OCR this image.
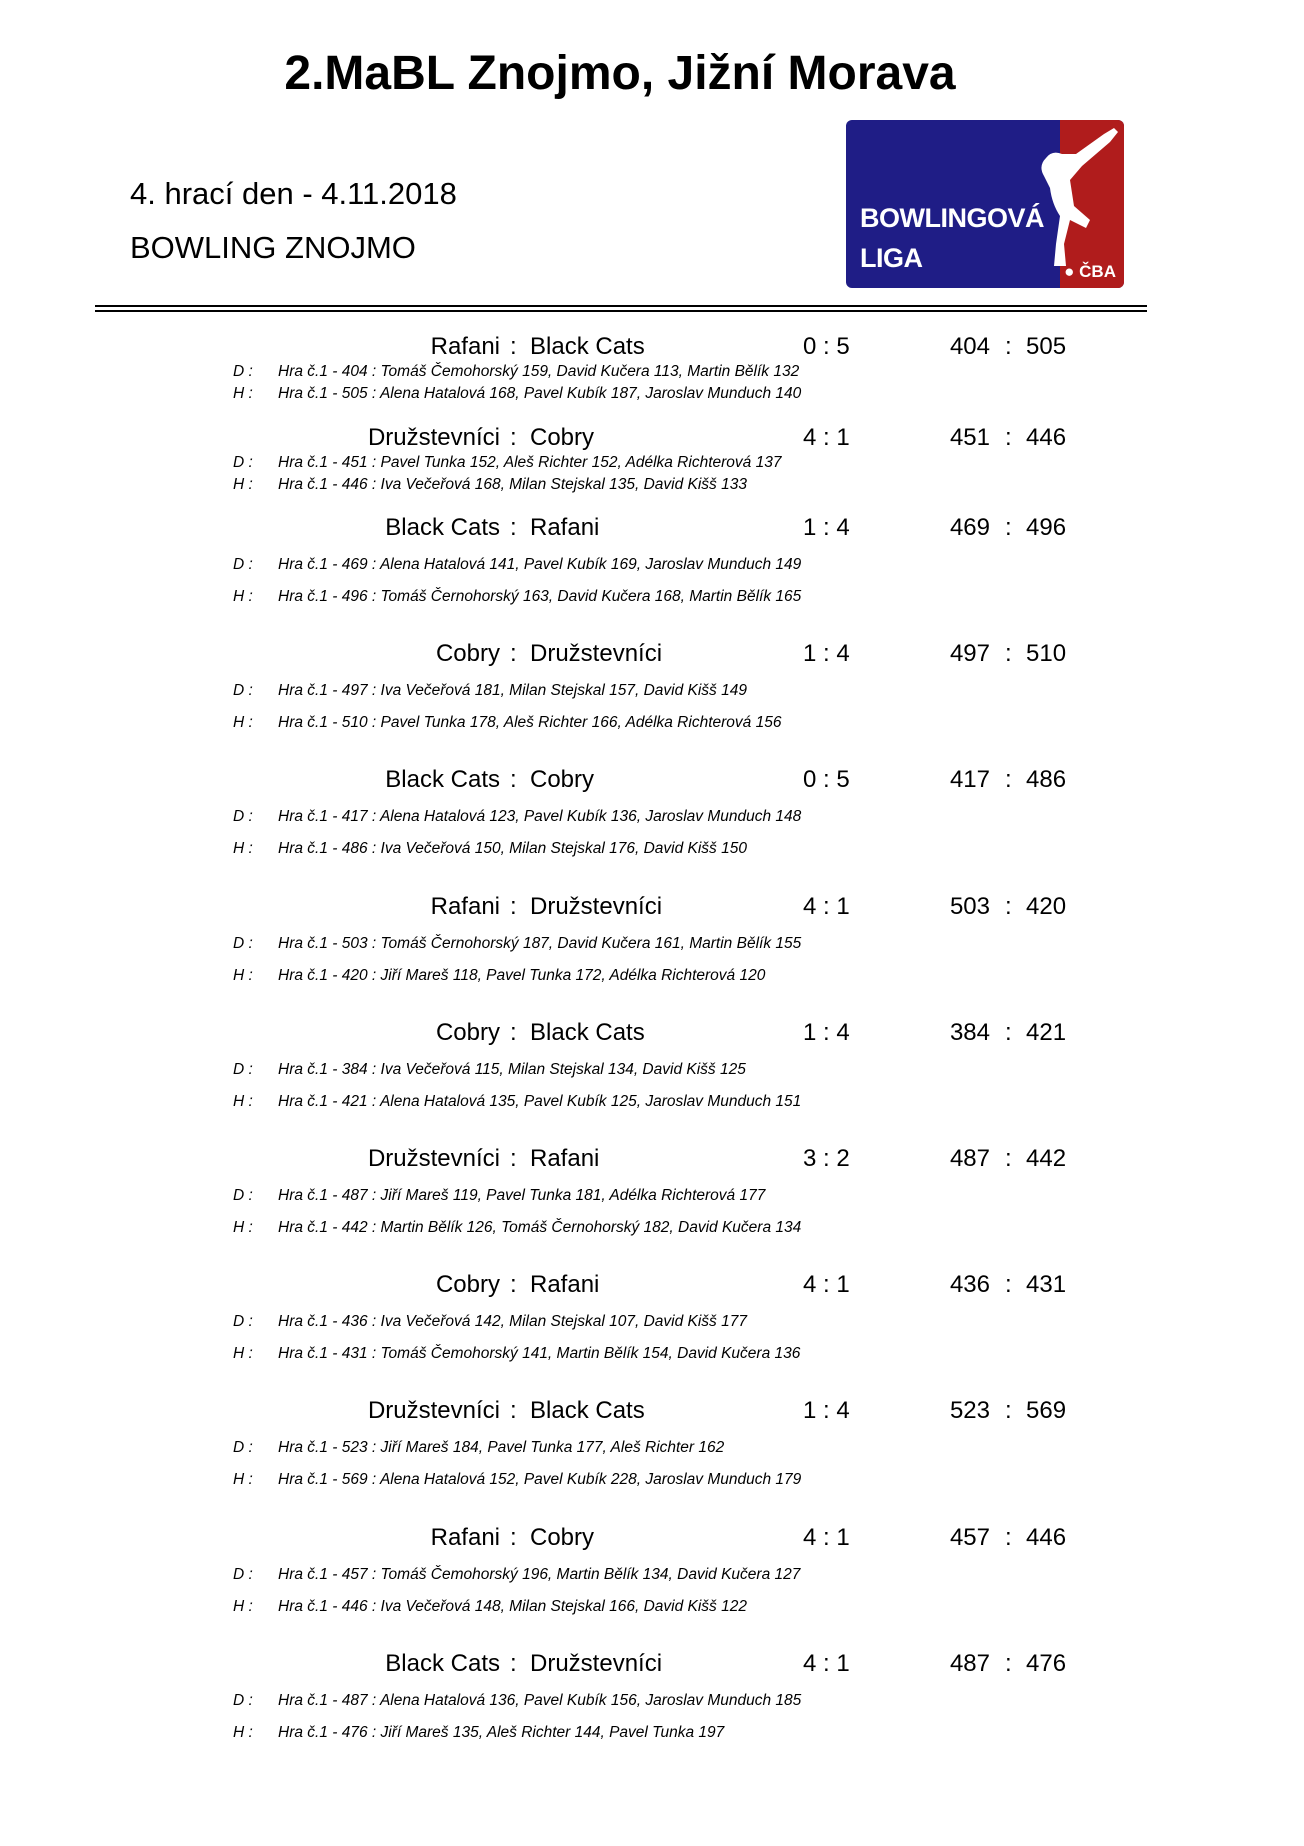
2.MaBL Znojmo, Jižní Morava
4. hrací den - 4.11.2018
BOWLING ZNOJMO
BOWLINGOVÁ
LIGA	● ČBA
Rafani : Black Cats	0 : 5	404 : 505
D : Hra č.1 - 404 : Tomáš Čemohorský 159, David Kučera 113, Martin Bělík 132
H : Hra č.1 - 505 : Alena Hatalová 168, Pavel Kubík 187, Jaroslav Munduch 140
Družstevníci : Cobry	4 : 1	451 : 446
D : Hra č.1 - 451 : Pavel Tunka 152, Aleš Richter 152, Adélka Richterová 137
H : Hra č.1 - 446 : Iva Večeřová 168, Milan Stejskal 135, David Kišš 133
Black Cats : Rafani	1 : 4	469 : 496
D : Hra č.1 - 469 : Alena Hatalová 141, Pavel Kubík 169, Jaroslav Munduch 149
H : Hra č.1 - 496 : Tomáš Černohorský 163, David Kučera 168, Martin Bělík 165
Cobry : Družstevníci	1 : 4	497 : 510
D : Hra č.1 - 497 : Iva Večeřová 181, Milan Stejskal 157, David Kišš 149
H : Hra č.1 - 510 : Pavel Tunka 178, Aleš Richter 166, Adélka Richterová 156
Black Cats : Cobry	0 : 5	417 : 486
D : Hra č.1 - 417 : Alena Hatalová 123, Pavel Kubík 136, Jaroslav Munduch 148
H : Hra č.1 - 486 : Iva Večeřová 150, Milan Stejskal 176, David Kišš 150
Rafani : Družstevníci	4 : 1	503 : 420
D : Hra č.1 - 503 : Tomáš Černohorský 187, David Kučera 161, Martin Bělík 155
H : Hra č.1 - 420 : Jiří Mareš 118, Pavel Tunka 172, Adélka Richterová 120
Cobry : Black Cats	1 : 4	384 : 421
D : Hra č.1 - 384 : Iva Večeřová 115, Milan Stejskal 134, David Kišš 125
H : Hra č.1 - 421 : Alena Hatalová 135, Pavel Kubík 125, Jaroslav Munduch 151
Družstevníci : Rafani	3 : 2	487 : 442
D : Hra č.1 - 487 : Jiří Mareš 119, Pavel Tunka 181, Adélka Richterová 177
H : Hra č.1 - 442 : Martin Bělík 126, Tomáš Černohorský 182, David Kučera 134
Cobry : Rafani	4 : 1	436 : 431
D : Hra č.1 - 436 : Iva Večeřová 142, Milan Stejskal 107, David Kišš 177
H : Hra č.1 - 431 : Tomáš Čemohorský 141, Martin Bělík 154, David Kučera 136
Družstevníci : Black Cats	1 : 4	523 : 569
D : Hra č.1 - 523 : Jiří Mareš 184, Pavel Tunka 177, Aleš Richter 162
H : Hra č.1 - 569 : Alena Hatalová 152, Pavel Kubík 228, Jaroslav Munduch 179
Rafani : Cobry	4 : 1	457 : 446
D : Hra č.1 - 457 : Tomáš Čemohorský 196, Martin Bělík 134, David Kučera 127
H : Hra č.1 - 446 : Iva Večeřová 148, Milan Stejskal 166, David Kišš 122
Black Cats : Družstevníci	4 : 1	487 : 476
D : Hra č.1 - 487 : Alena Hatalová 136, Pavel Kubík 156, Jaroslav Munduch 185
H : Hra č.1 - 476 : Jiří Mareš 135, Aleš Richter 144, Pavel Tunka 197
